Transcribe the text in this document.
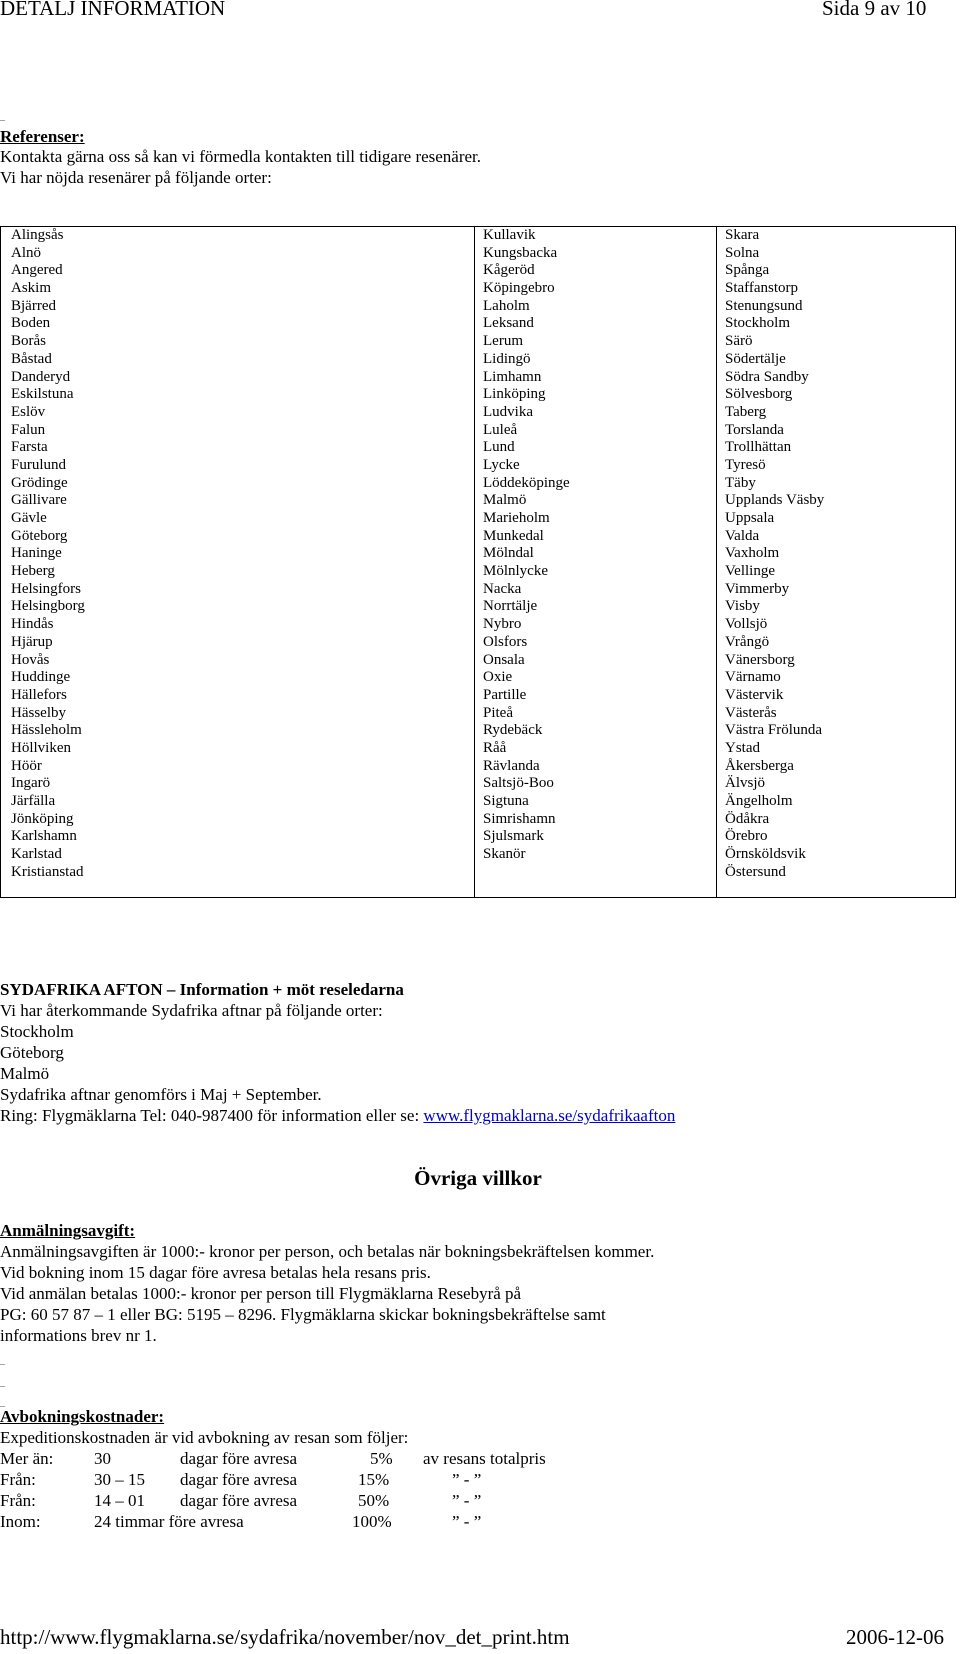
DETALJ INFORMATION	Sida 9 av 10
_
Referenser:
Kontakta gärna oss så kan vi förmedla kontakten till tidigare resenärer.
Vi har nöjda resenärer på följande orter:
Alingsås
Alnö
Angered
Askim
Bjärred
Boden
Borås
Båstad
Danderyd
Eskilstuna
Eslöv
Falun
Farsta
Furulund
Grödinge
Gällivare
Gävle
Göteborg
Haninge
Heberg
Helsingfors
Helsingborg
Hindås
Hjärup
Hovås
Huddinge
Hällefors
Hässelby
Hässleholm
Höllviken
Höör
Ingarö
Järfälla
Jönköping
Karlshamn
Karlstad
Kristianstad
Kullavik
Kungsbacka
Kågeröd
Köpingebro
Laholm
Leksand
Lerum
Lidingö
Limhamn
Linköping
Ludvika
Luleå
Lund
Lycke
Löddeköpinge
Malmö
Marieholm
Munkedal
Mölndal
Mölnlycke
Nacka
Norrtälje
Nybro
Olsfors
Onsala
Oxie
Partille
Piteå
Rydebäck
Råå
Rävlanda
Saltsjö-Boo
Sigtuna
Simrishamn
Sjulsmark
Skanör
Skara
Solna
Spånga
Staffanstorp
Stenungsund
Stockholm
Särö
Södertälje
Södra Sandby
Sölvesborg
Taberg
Torslanda
Trollhättan
Tyresö
Täby
Upplands Väsby
Uppsala
Valda
Vaxholm
Vellinge
Vimmerby
Visby
Vollsjö
Vrångö
Vänersborg
Värnamo
Västervik
Västerås
Västra Frölunda
Ystad
Åkersberga
Älvsjö
Ängelholm
Ödåkra
Örebro
Örnsköldsvik
Östersund
SYDAFRIKA AFTON – Information + möt reseledarna
Vi har återkommande Sydafrika aftnar på följande orter:
Stockholm
Göteborg
Malmö
Sydafrika aftnar genomförs i Maj + September.
Ring: Flygmäklarna Tel: 040-987400 för information eller se: www.flygmaklarna.se/sydafrikaafton
Övriga villkor
Anmälningsavgift:
Anmälningsavgiften är 1000:- kronor per person, och betalas när bokningsbekräftelsen kommer.
Vid bokning inom 15 dagar före avresa betalas hela resans pris.
Vid anmälan betalas 1000:- kronor per person till Flygmäklarna Resebyrå på
PG: 60 57 87 – 1 eller BG: 5195 – 8296. Flygmäklarna skickar bokningsbekräftelse samt
informations brev nr 1.
_
_
_
Avbokningskostnader:
Expeditionskostnaden är vid avbokning av resan som följer:
Mer än: 30	dagar före avresa	5% av resans totalpris
Från:	30 – 15 dagar före avresa	15%	” - ”
Från:	14 – 01 dagar före avresa	50%	” - ”
Inom:	24 timmar före avresa	100%	” - ”
http://www.flygmaklarna.se/sydafrika/november/nov_det_print.htm	2006-12-06
